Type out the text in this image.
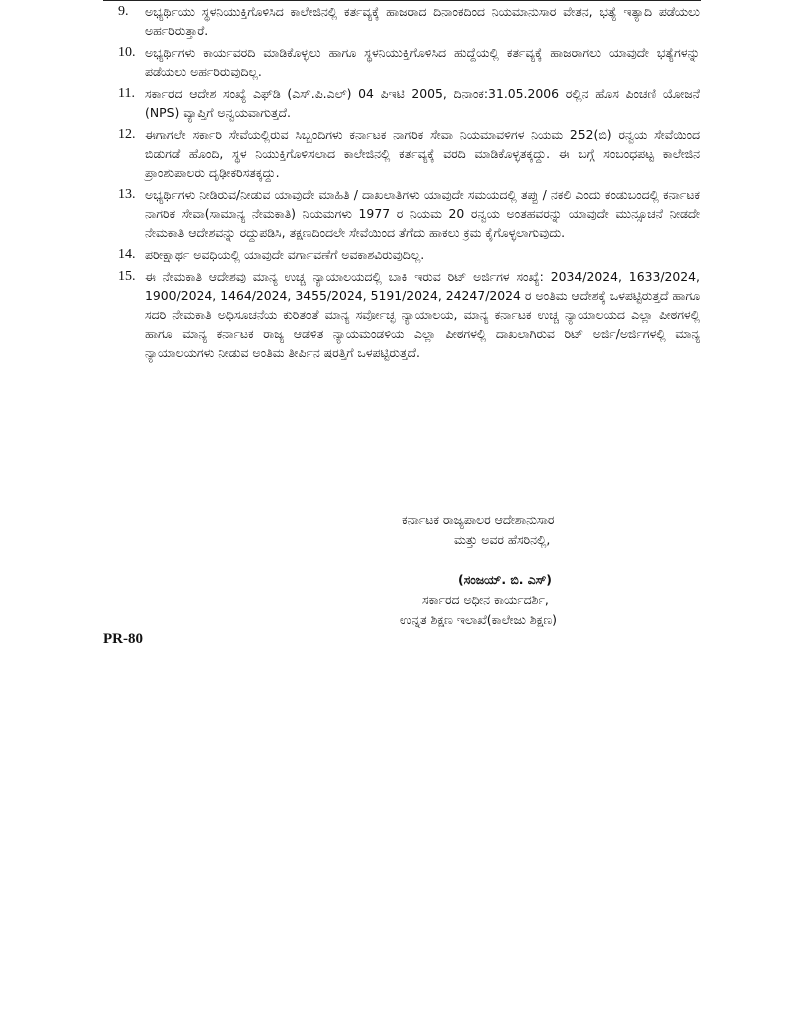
9.	ಅಭ್ಯರ್ಥಿಯು ಸ್ಥಳನಿಯುಕ್ತಿಗೊಳಿಸಿದ ಕಾಲೇಜಿನಲ್ಲಿ ಕರ್ತವ್ಯಕ್ಕೆ ಹಾಜರಾದ ದಿನಾಂಕದಿಂದ ನಿಯಮಾನುಸಾರ ವೇತನ, ಭತ್ಯೆ ಇತ್ಯಾದಿ ಪಡೆಯಲು ಅರ್ಹರಿರುತ್ತಾರೆ.
10. ಅಭ್ಯರ್ಥಿಗಳು ಕಾರ್ಯವರದಿ ಮಾಡಿಕೊಳ್ಳಲು ಹಾಗೂ ಸ್ಥಳನಿಯುಕ್ತಿಗೊಳಿಸಿದ ಹುದ್ದೆಯಲ್ಲಿ ಕರ್ತವ್ಯಕ್ಕೆ ಹಾಜರಾಗಲು ಯಾವುದೇ ಭತ್ಯೆಗಳನ್ನು ಪಡೆಯಲು ಅರ್ಹರಿರುವುದಿಲ್ಲ.
11. ಸರ್ಕಾರದ ಆದೇಶ ಸಂಖ್ಯೆ ಎಫ್‌ಡಿ (ಎಸ್.ಪಿ.ಎಲ್) 04 ಪಿಇಟಿ 2005, ದಿನಾಂಕ:31.05.2006 ರಲ್ಲಿನ ಹೊಸ ಪಿಂಚಣಿ ಯೋಜನೆ (NPS) ವ್ಯಾಪ್ತಿಗೆ ಅನ್ವಯವಾಗುತ್ತದೆ.
12. ಈಗಾಗಲೇ ಸರ್ಕಾರಿ ಸೇವೆಯಲ್ಲಿರುವ ಸಿಬ್ಬಂದಿಗಳು ಕರ್ನಾಟಕ ನಾಗರಿಕ ಸೇವಾ ನಿಯಮಾವಳಿಗಳ ನಿಯಮ 252(ಬಿ) ರನ್ವಯ ಸೇವೆಯಿಂದ ಬಿಡುಗಡೆ ಹೊಂದಿ, ಸ್ಥಳ ನಿಯುಕ್ತಿಗೊಳಿಸಲಾದ ಕಾಲೇಜಿನಲ್ಲಿ ಕರ್ತವ್ಯಕ್ಕೆ ವರದಿ ಮಾಡಿಕೊಳ್ಳತಕ್ಕದ್ದು. ಈ ಬಗ್ಗೆ ಸಂಬಂಧಪಟ್ಟ ಕಾಲೇಜಿನ ಪ್ರಾಂಶುಪಾಲರು ದೃಢೀಕರಿಸತಕ್ಕದ್ದು.
13. ಅಭ್ಯರ್ಥಿಗಳು ನೀಡಿರುವ/ನೀಡುವ ಯಾವುದೇ ಮಾಹಿತಿ / ದಾಖಲಾತಿಗಳು ಯಾವುದೇ ಸಮಯದಲ್ಲಿ ತಪ್ಪು / ನಕಲಿ ಎಂದು ಕಂಡುಬಂದಲ್ಲಿ ಕರ್ನಾಟಕ ನಾಗರಿಕ ಸೇವಾ(ಸಾಮಾನ್ಯ ನೇಮಕಾತಿ) ನಿಯಮಗಳು 1977 ರ ನಿಯಮ 20 ರನ್ವಯ ಅಂತಹವರನ್ನು ಯಾವುದೇ ಮುನ್ಸೂಚನೆ ನೀಡದೇ ನೇಮಕಾತಿ ಆದೇಶವನ್ನು ರದ್ದುಪಡಿಸಿ, ತಕ್ಷಣದಿಂದಲೇ ಸೇವೆಯಿಂದ ತೆಗೆದು ಹಾಕಲು ಕ್ರಮ ಕೈಗೊಳ್ಳಲಾಗುವುದು.
14. ಪರೀಕ್ಷಾರ್ಥ ಅವಧಿಯಲ್ಲಿ ಯಾವುದೇ ವರ್ಗಾವಣೆಗೆ ಅವಕಾಶವಿರುವುದಿಲ್ಲ.
15. ಈ ನೇಮಕಾತಿ ಆದೇಶವು ಮಾನ್ಯ ಉಚ್ಚ ನ್ಯಾಯಾಲಯದಲ್ಲಿ ಬಾಕಿ ಇರುವ ರಿಟ್ ಅರ್ಜಿಗಳ ಸಂಖ್ಯೆ: 2034/2024, 1633/2024, 1900/2024, 1464/2024, 3455/2024, 5191/2024, 24247/2024 ರ ಅಂತಿಮ ಆದೇಶಕ್ಕೆ ಒಳಪಟ್ಟಿರುತ್ತದೆ ಹಾಗೂ ಸದರಿ ನೇಮಕಾತಿ ಅಧಿಸೂಚನೆಯ ಕುರಿತಂತೆ ಮಾನ್ಯ ಸರ್ವೋಚ್ಛ ನ್ಯಾಯಾಲಯ, ಮಾನ್ಯ ಕರ್ನಾಟಕ ಉಚ್ಚ ನ್ಯಾಯಾಲಯದ ಎಲ್ಲಾ ಪೀಠಗಳಲ್ಲಿ ಹಾಗೂ ಮಾನ್ಯ ಕರ್ನಾಟಕ ರಾಜ್ಯ ಆಡಳಿತ ನ್ಯಾಯಮಂಡಳಿಯ ಎಲ್ಲಾ ಪೀಠಗಳಲ್ಲಿ ದಾಖಲಾಗಿರುವ ರಿಟ್ ಅರ್ಜಿ/ಅರ್ಜಿಗಳಲ್ಲಿ ಮಾನ್ಯ ನ್ಯಾಯಾಲಯಗಳು ನೀಡುವ ಅಂತಿಮ ತೀರ್ಪಿನ ಷರತ್ತಿಗೆ ಒಳಪಟ್ಟಿರುತ್ತದೆ.
ಕರ್ನಾಟಕ ರಾಜ್ಯಪಾಲರ ಆದೇಶಾನುಸಾರ
ಮತ್ತು ಅವರ ಹೆಸರಿನಲ್ಲಿ,
(ಸಂಜಯ್. ಬಿ. ಎಸ್)
ಸರ್ಕಾರದ ಅಧೀನ ಕಾರ್ಯದರ್ಶಿ,
ಉನ್ನತ ಶಿಕ್ಷಣ ಇಲಾಖೆ(ಕಾಲೇಜು ಶಿಕ್ಷಣ)
PR-80
